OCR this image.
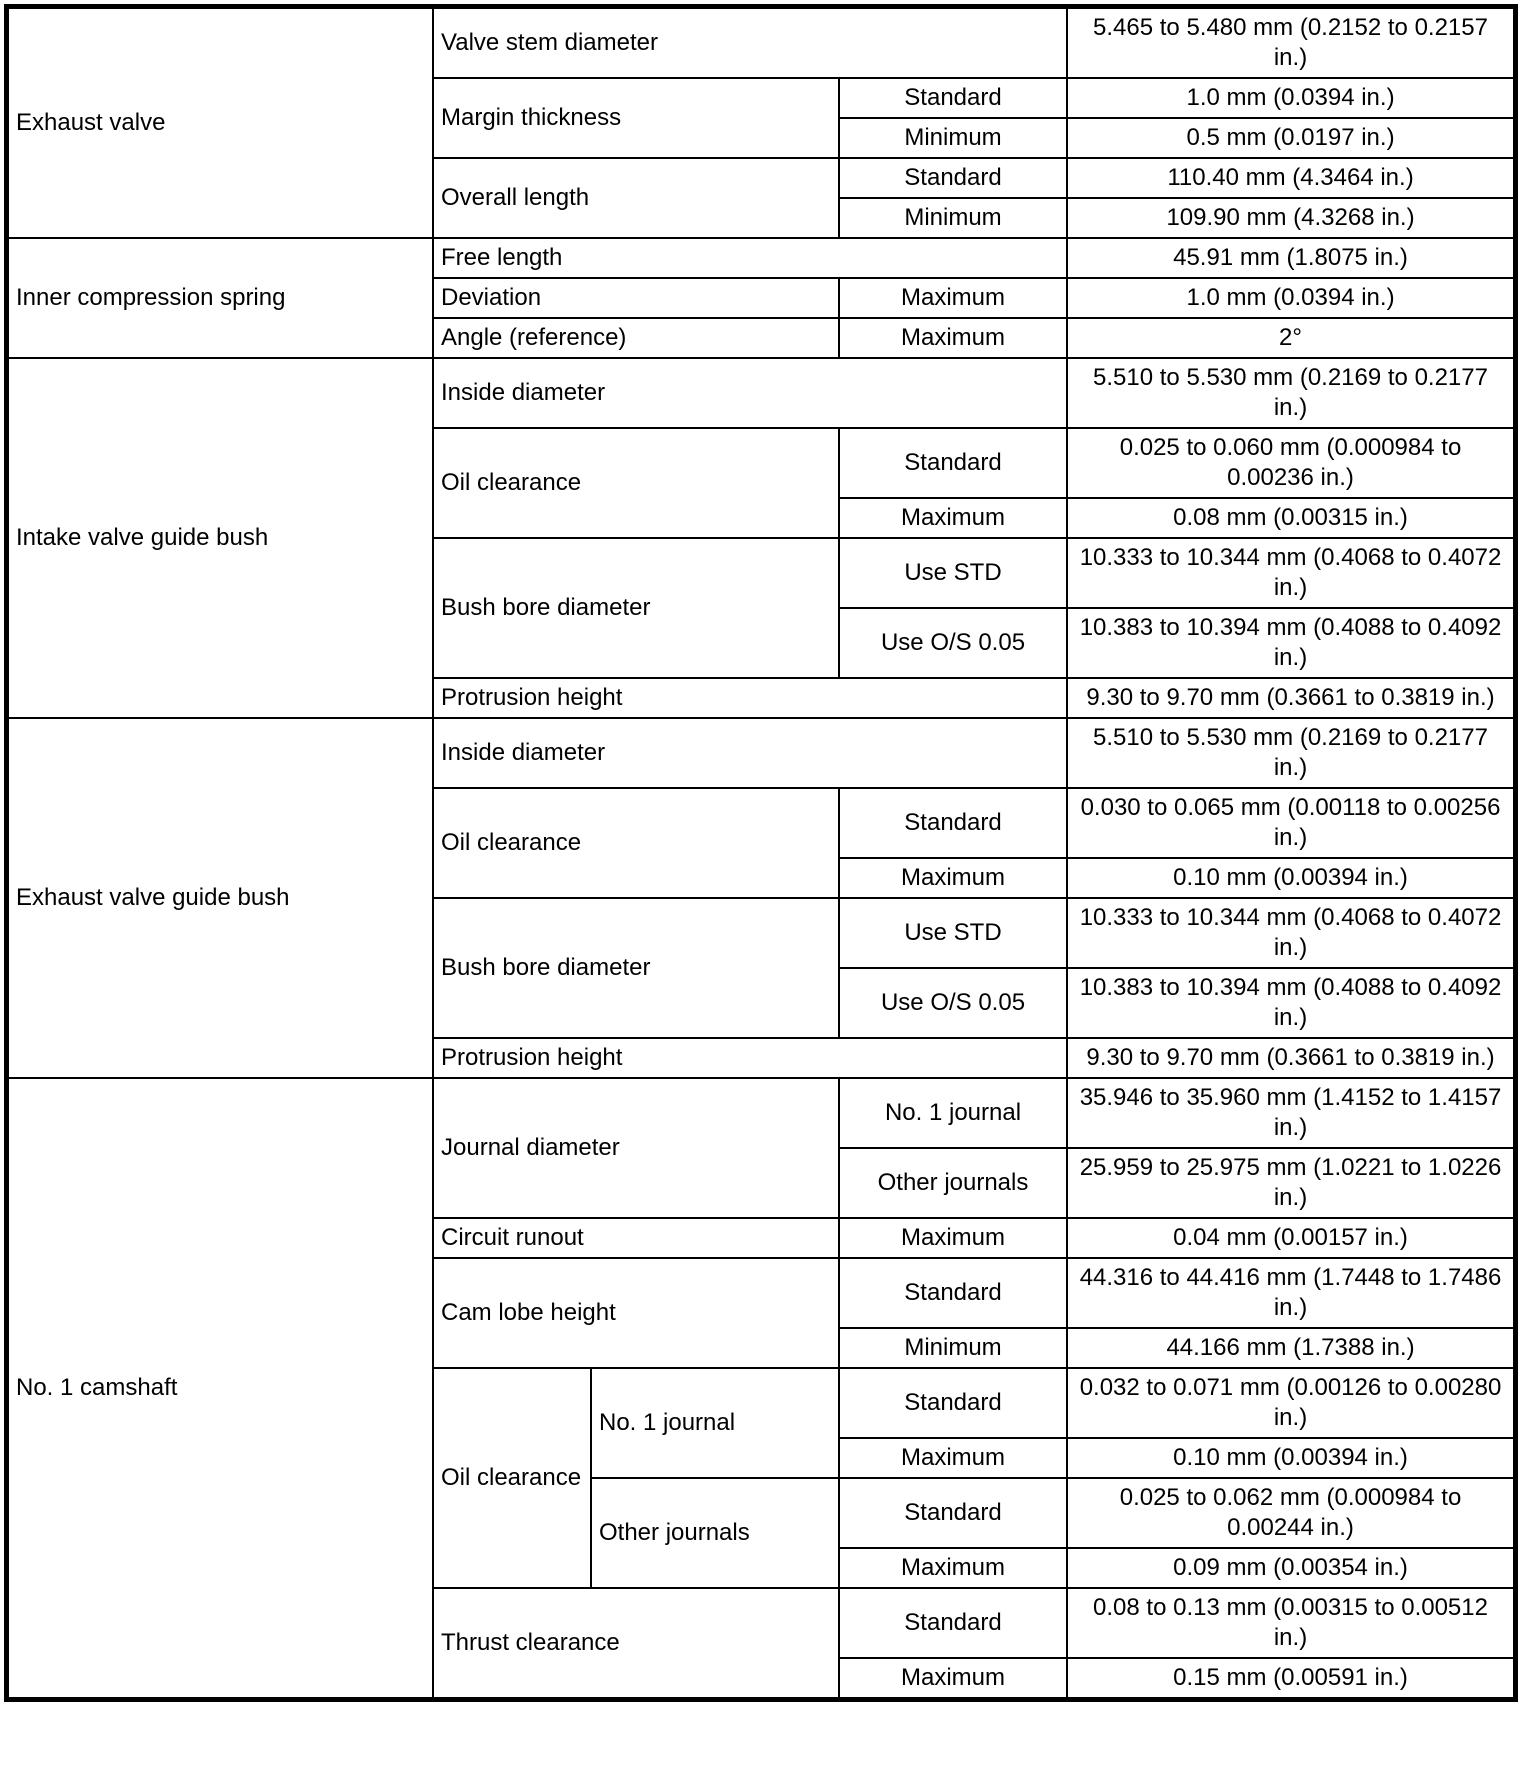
Exhaust valve	Valve stem diameter			5.465 to 5.480 mm (0.2152 to 0.2157 in.)
	Margin thickness		Standard	1.0 mm (0.0394 in.)
			Minimum	0.5 mm (0.0197 in.)
	Overall length		Standard	110.40 mm (4.3464 in.)
			Minimum	109.90 mm (4.3268 in.)
Inner compression spring	Free length			45.91 mm (1.8075 in.)
	Deviation		Maximum	1.0 mm (0.0394 in.)
	Angle (reference)		Maximum	2°
Intake valve guide bush	Inside diameter			5.510 to 5.530 mm (0.2169 to 0.2177 in.)
	Oil clearance		Standard	0.025 to 0.060 mm (0.000984 to 0.00236 in.)
			Maximum	0.08 mm (0.00315 in.)
	Bush bore diameter		Use STD	10.333 to 10.344 mm (0.4068 to 0.4072 in.)
			Use O/S 0.05	10.383 to 10.394 mm (0.4088 to 0.4092 in.)
	Protrusion height			9.30 to 9.70 mm (0.3661 to 0.3819 in.)
Exhaust valve guide bush	Inside diameter			5.510 to 5.530 mm (0.2169 to 0.2177 in.)
	Oil clearance		Standard	0.030 to 0.065 mm (0.00118 to 0.00256 in.)
			Maximum	0.10 mm (0.00394 in.)
	Bush bore diameter		Use STD	10.333 to 10.344 mm (0.4068 to 0.4072 in.)
			Use O/S 0.05	10.383 to 10.394 mm (0.4088 to 0.4092 in.)
	Protrusion height			9.30 to 9.70 mm (0.3661 to 0.3819 in.)
No. 1 camshaft	Journal diameter		No. 1 journal	35.946 to 35.960 mm (1.4152 to 1.4157 in.)
			Other journals	25.959 to 25.975 mm (1.0221 to 1.0226 in.)
	Circuit runout		Maximum	0.04 mm (0.00157 in.)
	Cam lobe height		Standard	44.316 to 44.416 mm (1.7448 to 1.7486 in.)
			Minimum	44.166 mm (1.7388 in.)
	Oil clearance	No. 1 journal	Standard	0.032 to 0.071 mm (0.00126 to 0.00280 in.)
			Maximum	0.10 mm (0.00394 in.)
		Other journals	Standard	0.025 to 0.062 mm (0.000984 to 0.00244 in.)
			Maximum	0.09 mm (0.00354 in.)
	Thrust clearance		Standard	0.08 to 0.13 mm (0.00315 to 0.00512 in.)
			Maximum	0.15 mm (0.00591 in.)
